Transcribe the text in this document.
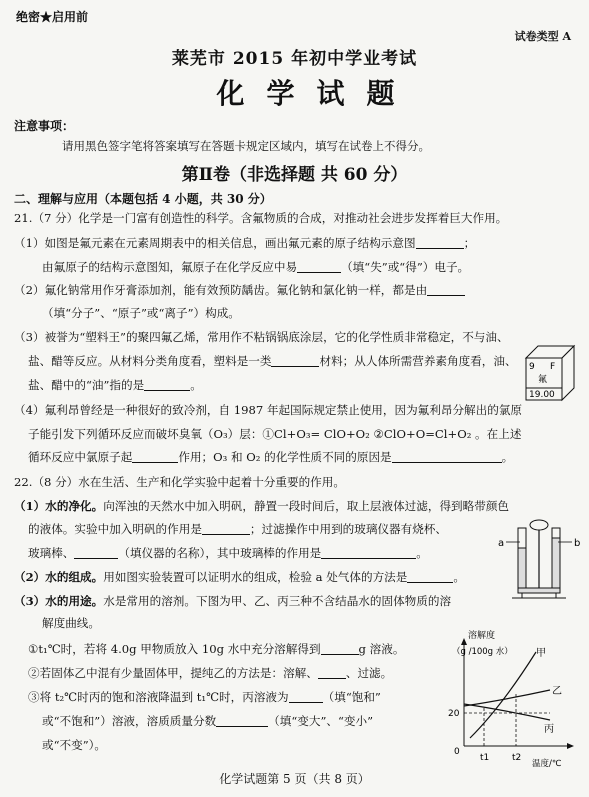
绝密★启用前
试卷类型 A
莱芜市 2015 年初中学业考试
化学试题
注意事项：
请用黑色签字笔将答案填写在答题卡规定区域内，填写在试卷上不得分。
第Ⅱ卷（非选择题 共 60 分）
二、理解与应用（本题包括 4 小题，共 30 分）
21.（7 分）化学是一门富有创造性的科学。含氟物质的合成，对推动社会进步发挥着巨大作用。
（1）如图是氟元素在元素周期表中的相关信息，画出氟元素的原子结构示意图	；
由氟原子的结构示意图知，氟原子在化学反应中易	（填“失”或“得”）电子。
（2）氟化钠常用作牙膏添加剂，能有效预防龋齿。氟化钠和氯化钠一样，都是由
（填“分子”、“原子”或“离子”）构成。
（3）被誉为“塑料王”的聚四氟乙烯，常用作不粘锅锅底涂层，它的化学性质非常稳定，不与油、
盐、醋等反应。从材料分类角度看，塑料是一类	材料；从人体所需营养素角度看，油、
盐、醋中的“油”指的是	。
（4）氟利昂曾经是一种很好的致冷剂，自 1987 年起国际规定禁止使用，因为氟利昂分解出的氯原
子能引发下列循环反应而破坏臭氧（O₃）层：①Cl+O₃= ClO+O₂ ②ClO+O=Cl+O₂ 。在上述
循环反应中氯原子起	作用；O₃ 和 O₂ 的化学性质不同的原因是	。
9 F
氟
19.00
22.（8 分）水在生活、生产和化学实验中起着十分重要的作用。
（1）水的净化。向浑浊的天然水中加入明矾，静置一段时间后，取上层液体过滤，得到略带颜色
的液体。实验中加入明矾的作用是	；过滤操作中用到的玻璃仪器有烧杯、
玻璃棒、	（填仪器的名称），其中玻璃棒的作用是	。
（2）水的组成。用如图实验装置可以证明水的组成，检验 a 处气体的方法是	。
（3）水的用途。水是常用的溶剂。下图为甲、乙、丙三种不含结晶水的固体物质的溶
解度曲线。
①t₁℃时，若将 4.0g 甲物质放入 10g 水中充分溶解得到	g 溶液。
②若固体乙中混有少量固体甲，提纯乙的方法是：溶解、 、过滤。
③将 t₂℃时丙的饱和溶液降温到 t₁℃时，丙溶液为	（填“饱和”
或“不饱和”）溶液，溶质质量分数	（填“变大”、“变小”
或“不变”）。
a	b
溶解度
（g /100g 水）
0
20
t1	t2
温度/℃
甲
乙
丙
化学试题第 5 页（共 8 页）
